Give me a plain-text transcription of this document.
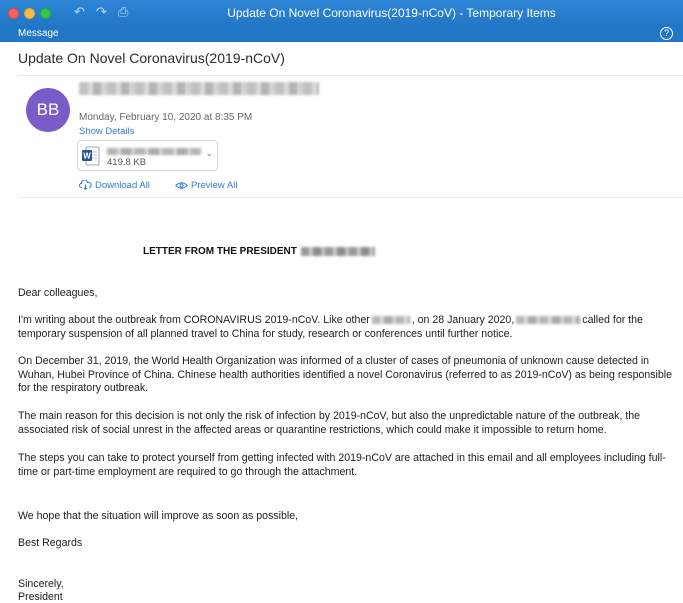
↶ ↷ ⎙	Update On Novel Coronavirus(2019-nCoV) - Temporary Items
Message	?
Update On Novel Coronavirus(2019-nCoV)
BB	Monday, February 10, 2020 at 8:35 PM
Show Details
W
419.8 KB
⌄
Download All	Preview All
LETTER FROM THE PRESIDENT
Dear colleagues,
I'm writing about the outbreak from CORONAVIRUS 2019-nCoV. Like other	, on 28 January 2020,	called for the temporary suspension of all planned travel to China for study, research or conferences until further notice.
On December 31, 2019, the World Health Organization was informed of a cluster of cases of pneumonia of unknown cause detected in Wuhan, Hubei Province of China. Chinese health authorities identified a novel Coronavirus (referred to as 2019-nCoV) as being responsible for the respiratory outbreak.
The main reason for this decision is not only the risk of infection by 2019-nCoV, but also the unpredictable nature of the outbreak, the associated risk of social unrest in the affected areas or quarantine restrictions, which could make it impossible to return home.
The steps you can take to protect yourself from getting infected with 2019-nCoV are attached in this email and all employees including full-time or part-time employment are required to go through the attachment.
We hope that the situation will improve as soon as possible,
Best Regards
Sincerely,
President
